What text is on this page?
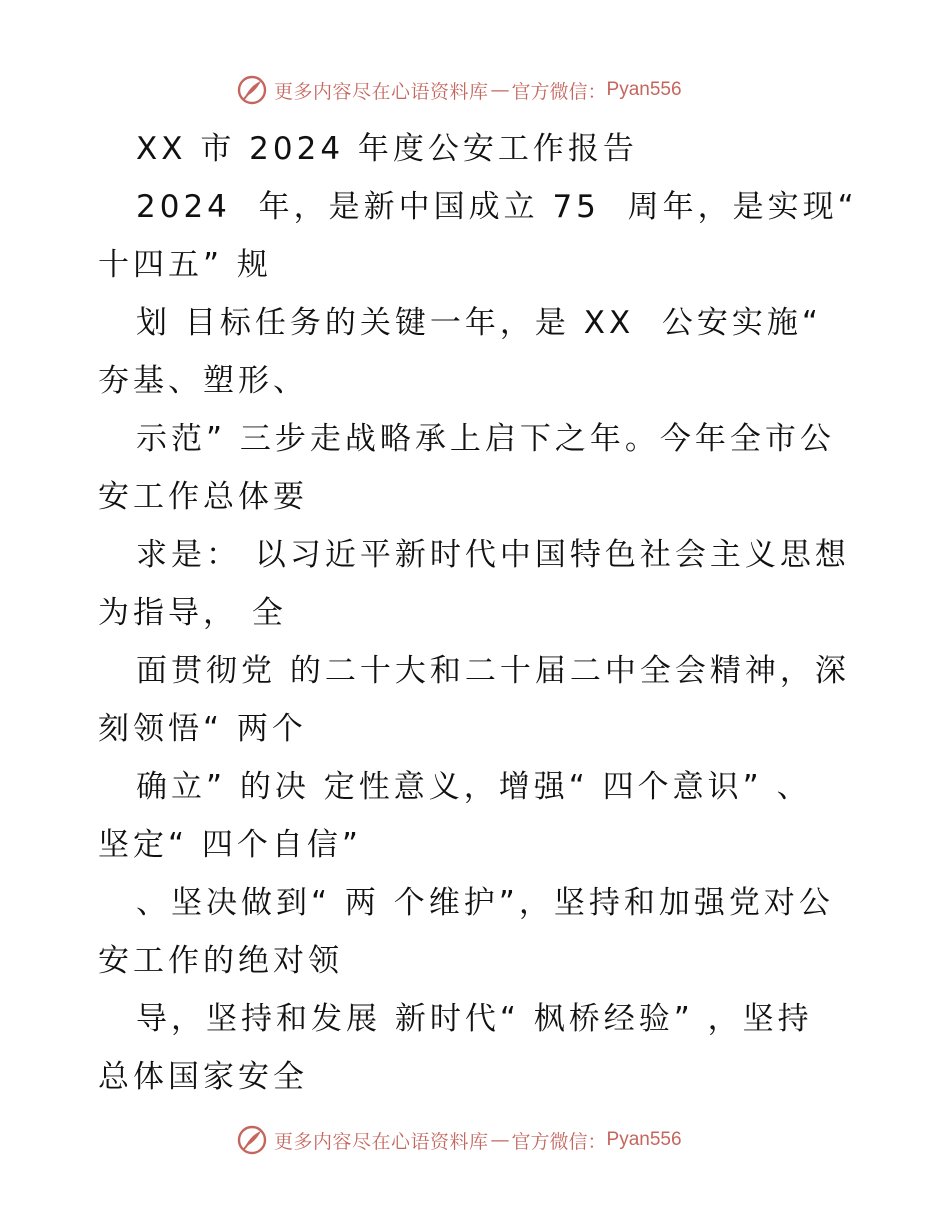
更多内容尽在心语资料库 — 官方微信： Pyan556
XX 市 2024 年度公安工作报告
2024  年，是新中国成立 75  周年，是实现“
十四五” 规
划 目标任务的关键一年，是 XX  公安实施“
夯基、塑形、
示范” 三步走战略承上启下之年。今年全市公
安工作总体要
求是： 以习近平新时代中国特色社会主义思想
为指导， 全
面贯彻党 的二十大和二十届二中全会精神，深
刻领悟“ 两个
确立” 的决 定性意义，增强“ 四个意识” 、
坚定“ 四个自信”
、坚决做到“ 两 个维护”，坚持和加强党对公
安工作的绝对领
导，坚持和发展 新时代“ 枫桥经验” ，坚持
总体国家安全
更多内容尽在心语资料库 — 官方微信： Pyan556
